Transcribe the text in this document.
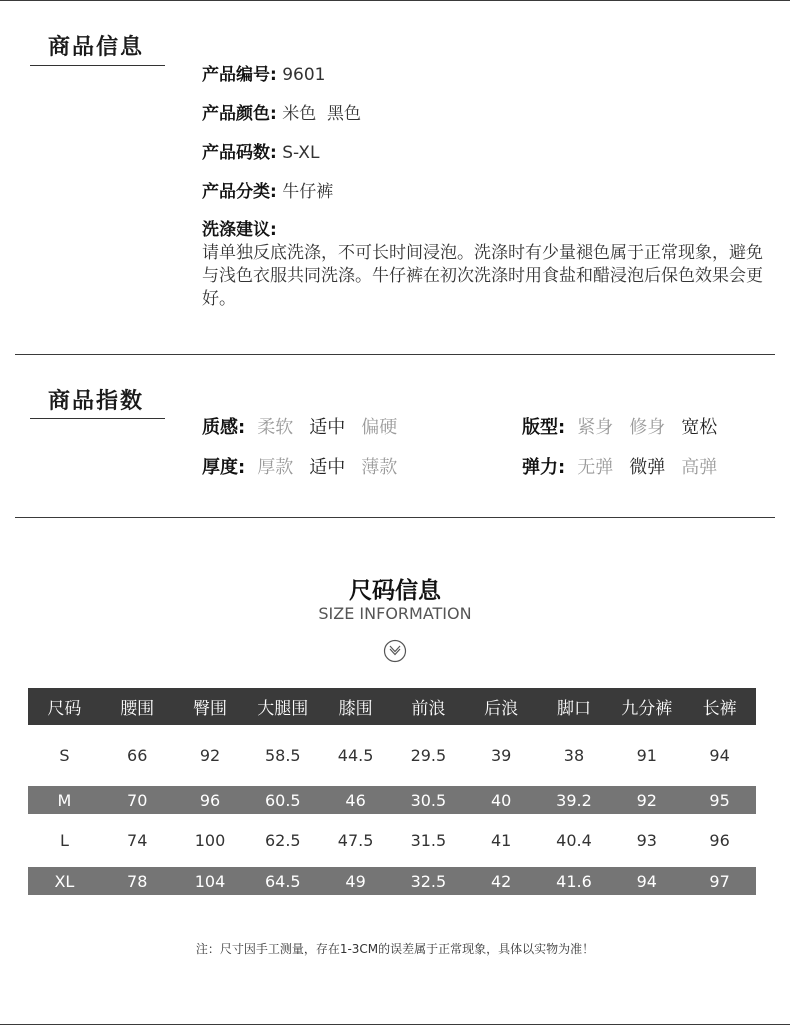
商品信息
产品编号: 9601
产品颜色: 米色  黑色
产品码数: S-XL
产品分类: 牛仔裤
洗涤建议:
请单独反底洗涤，不可长时间浸泡。洗涤时有少量褪色属于正常现象，避免与浅色衣服共同洗涤。牛仔裤在初次洗涤时用食盐和醋浸泡后保色效果会更好。
商品指数
质感: 柔软 适中 偏硬	版型: 紧身 修身 宽松
厚度: 厚款 适中 薄款	弹力: 无弹 微弹 高弹
尺码信息
SIZE INFORMATION
尺码	腰围	臀围	大腿围	膝围	前浪	后浪	脚口	九分裤	长裤
S	66	92	58.5	44.5	29.5	39	38	91	94
M	70	96	60.5	46	30.5	40	39.2	92	95
L	74	100	62.5	47.5	31.5	41	40.4	93	96
XL	78	104	64.5	49	32.5	42	41.6	94	97
注：尺寸因手工测量，存在1-3CM的误差属于正常现象，具体以实物为准！
